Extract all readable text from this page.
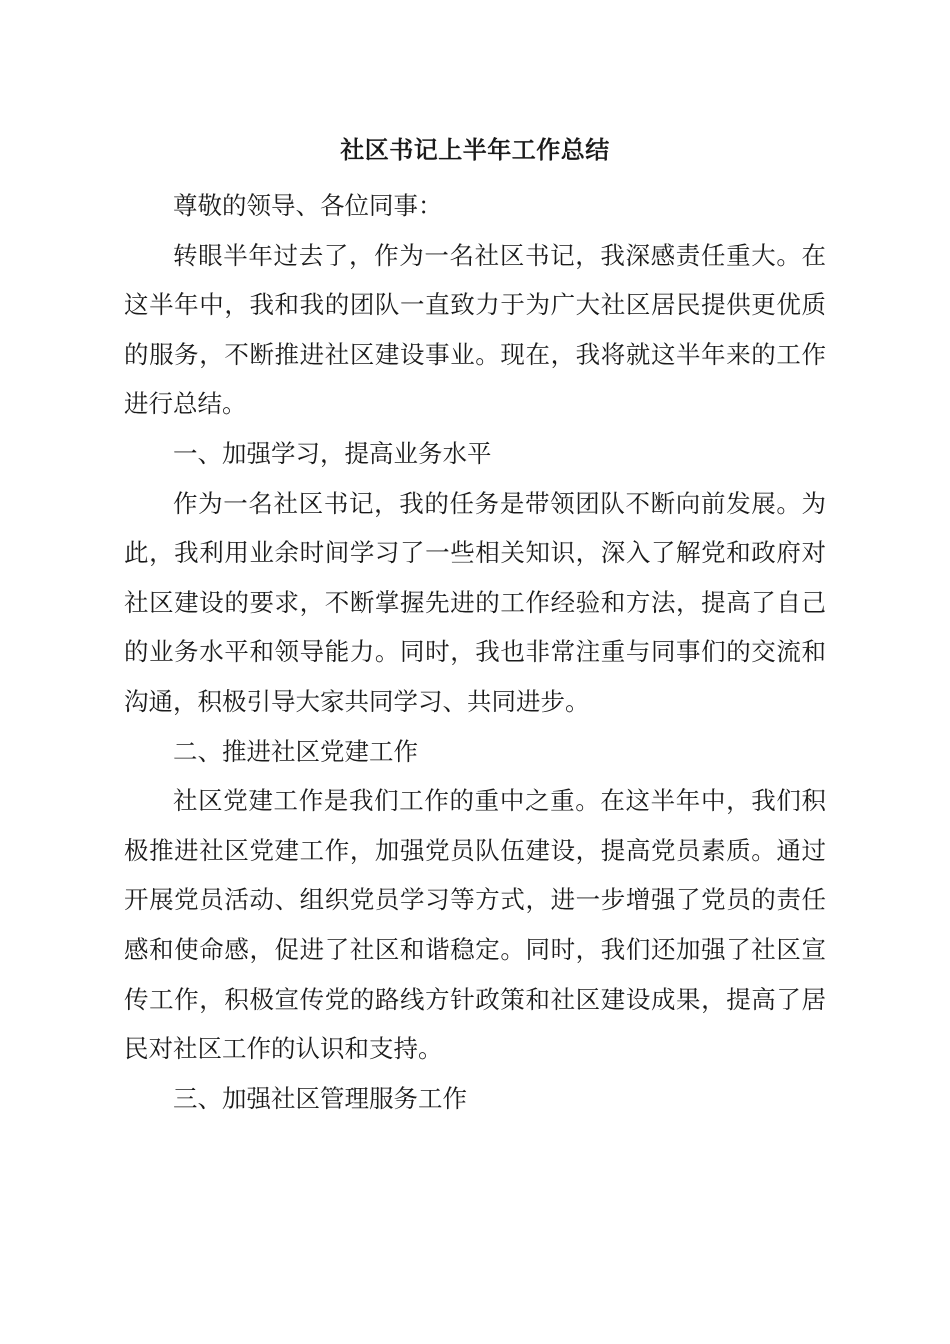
社区书记上半年工作总结

尊敬的领导、各位同事：

转眼半年过去了，作为一名社区书记，我深感责任重大。在这半年中，我和我的团队一直致力于为广大社区居民提供更优质的服务，不断推进社区建设事业。现在，我将就这半年来的工作进行总结。

一、加强学习，提高业务水平

作为一名社区书记，我的任务是带领团队不断向前发展。为此，我利用业余时间学习了一些相关知识，深入了解党和政府对社区建设的要求，不断掌握先进的工作经验和方法，提高了自己的业务水平和领导能力。同时，我也非常注重与同事们的交流和沟通，积极引导大家共同学习、共同进步。

二、推进社区党建工作

社区党建工作是我们工作的重中之重。在这半年中，我们积极推进社区党建工作，加强党员队伍建设，提高党员素质。通过开展党员活动、组织党员学习等方式，进一步增强了党员的责任感和使命感，促进了社区和谐稳定。同时，我们还加强了社区宣传工作，积极宣传党的路线方针政策和社区建设成果，提高了居民对社区工作的认识和支持。

三、加强社区管理服务工作
